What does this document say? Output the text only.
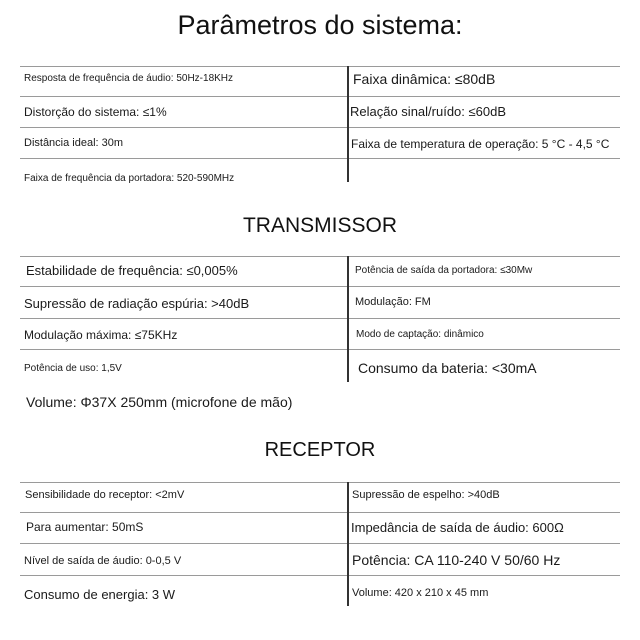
Parâmetros do sistema:
Resposta de frequência de áudio: 50Hz-18KHz
Distorção do sistema: ≤1%
Distância ideal: 30m
Faixa de frequência da portadora: 520-590MHz
Faixa dinâmica: ≤80dB
Relação sinal/ruído: ≤60dB
Faixa de temperatura de operação: 5 °C - 4,5 °C
TRANSMISSOR
Estabilidade de frequência: ≤0,005%
Supressão de radiação espúria: >40dB
Modulação máxima: ≤75KHz
Potência de uso: 1,5V
Potência de saída da portadora: ≤30Mw
Modulação: FM
Modo de captação: dinâmico
Consumo da bateria: <30mA
Volume: Φ37X 250mm (microfone de mão)
RECEPTOR
Sensibilidade do receptor: <2mV
Para aumentar: 50mS
Nível de saída de áudio: 0-0,5 V
Consumo de energia: 3 W
Supressão de espelho: >40dB
Impedância de saída de áudio: 600Ω
Potência: CA 110-240 V 50/60 Hz
Volume: 420 x 210 x 45 mm
